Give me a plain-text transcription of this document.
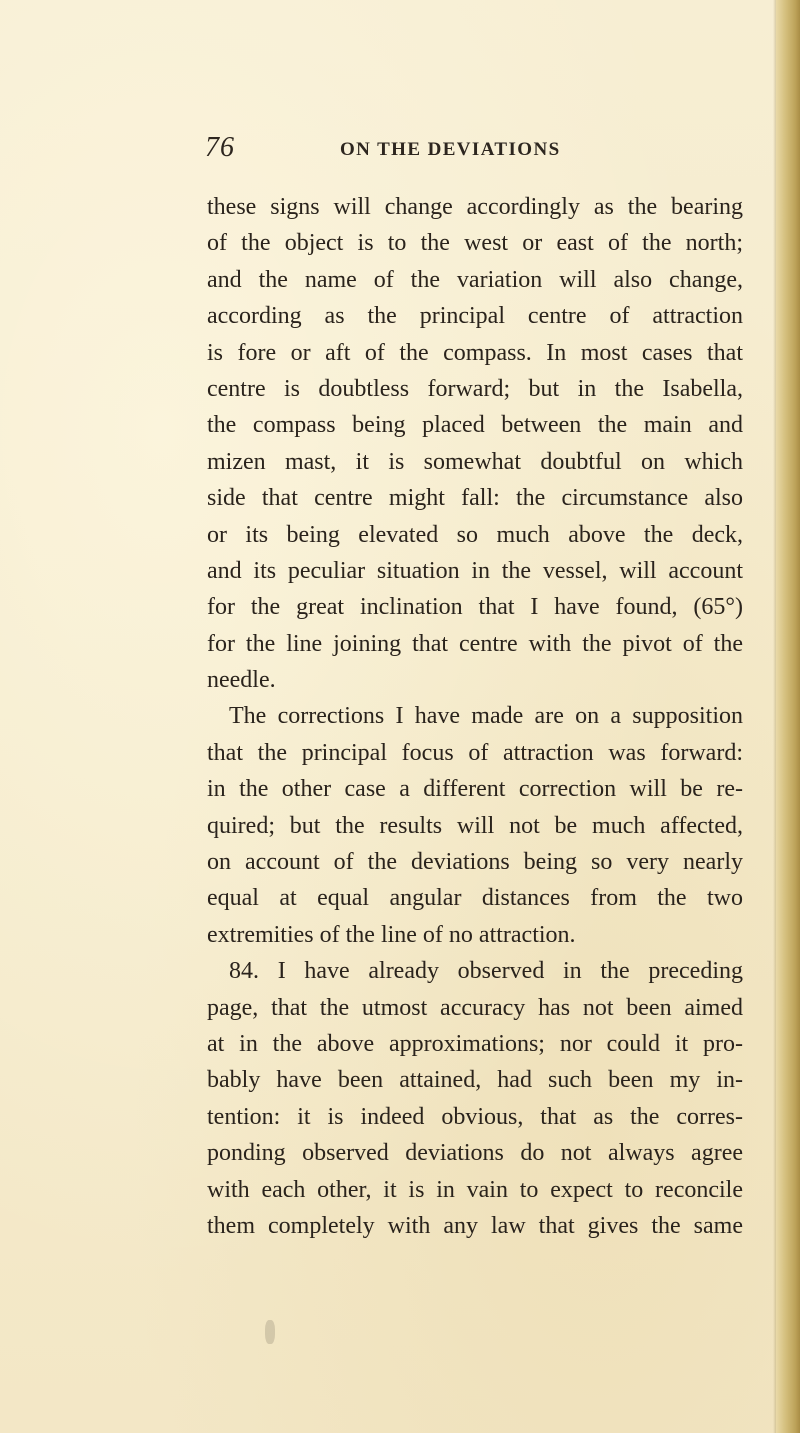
76	ON THE DEVIATIONS
these signs will change accordingly as the bearing
of the object is to the west or east of the north;
and the name of the variation will also change,
according as the principal centre of attraction
is fore or aft of the compass. In most cases that
centre is doubtless forward; but in the Isabella,
the compass being placed between the main and
mizen mast, it is somewhat doubtful on which
side that centre might fall: the circumstance also
or its being elevated so much above the deck,
and its peculiar situation in the vessel, will account
for the great inclination that I have found, (65°)
for the line joining that centre with the pivot of the
needle.
The corrections I have made are on a supposition
that the principal focus of attraction was forward:
in the other case a different correction will be re-
quired; but the results will not be much affected,
on account of the deviations being so very nearly
equal at equal angular distances from the two
extremities of the line of no attraction.
84. I have already observed in the preceding
page, that the utmost accuracy has not been aimed
at in the above approximations; nor could it pro-
bably have been attained, had such been my in-
tention: it is indeed obvious, that as the corres-
ponding observed deviations do not always agree
with each other, it is in vain to expect to reconcile
them completely with any law that gives the same
